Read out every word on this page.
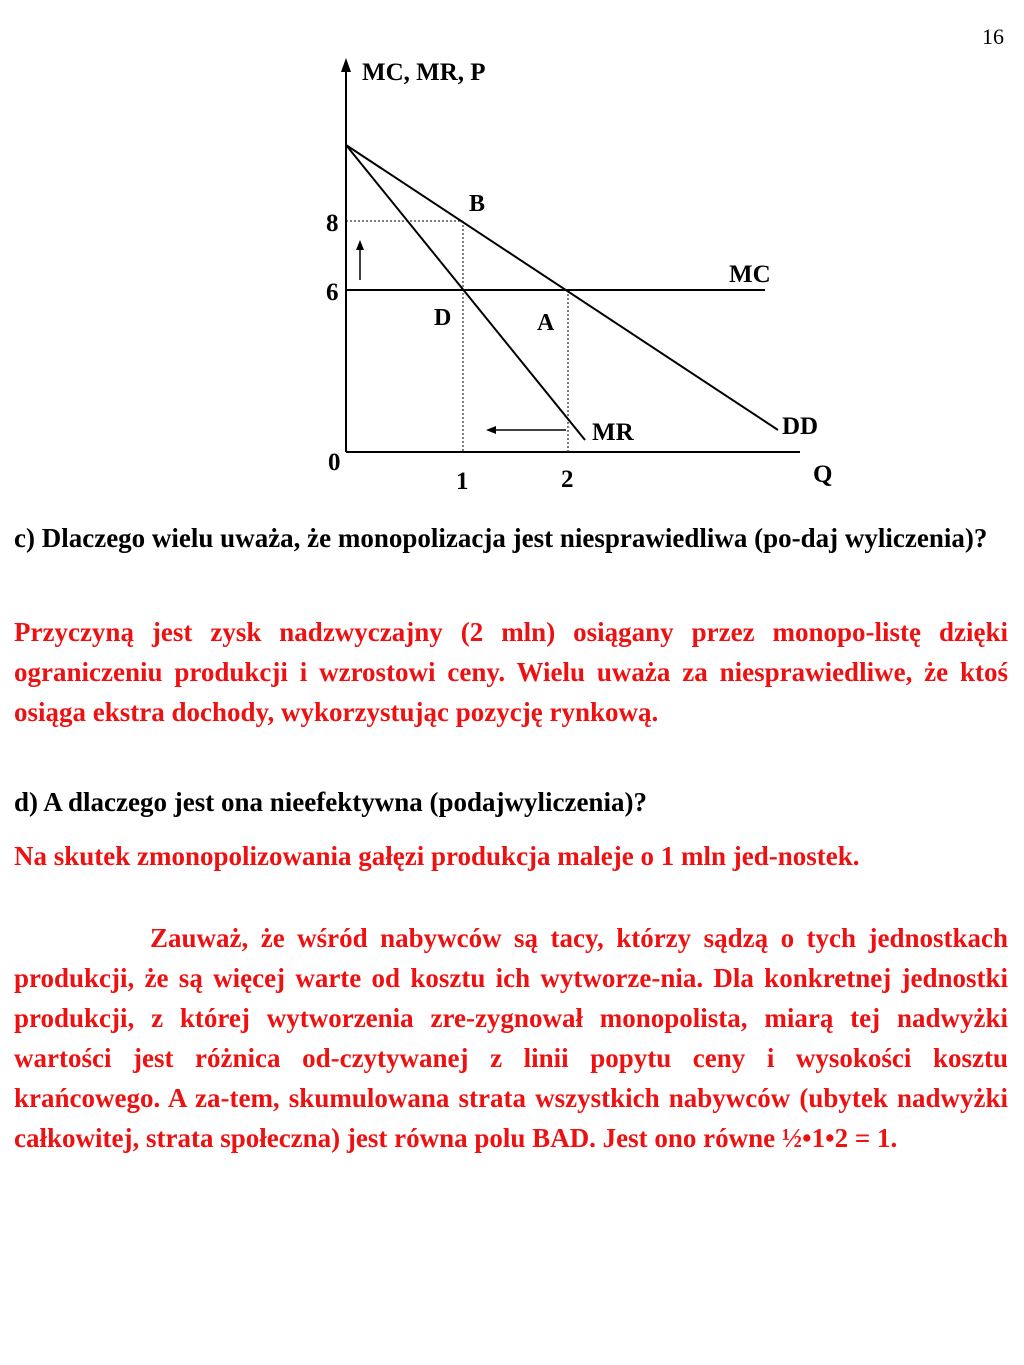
16
MC, MR, P
Q
0
8
6
1	2
B
D	A
MC
MR	DD

c) Dlaczego wielu uważa, że monopolizacja jest niesprawiedliwa (po-daj wyliczenia)?

Przyczyną jest zysk nadzwyczajny (2 mln) osiągany przez monopo-listę dzięki ograniczeniu produkcji i wzrostowi ceny. Wielu uważa za niesprawiedliwe, że ktoś osiąga ekstra dochody, wykorzystując pozycję rynkową.

d) A dlaczego jest ona nieefektywna (podajwyliczenia)?

Na skutek zmonopolizowania gałęzi produkcja maleje o 1 mln jed-nostek.

Zauważ, że wśród nabywców są tacy, którzy sądzą o tych jednostkach produkcji, że są więcej warte od kosztu ich wytworze-nia. Dla konkretnej jednostki produkcji, z której wytworzenia zre-zygnował monopolista, miarą tej nadwyżki wartości jest różnica od-czytywanej z linii popytu ceny i wysokości kosztu krańcowego. A za-tem, skumulowana strata wszystkich nabywców (ubytek nadwyżki całkowitej, strata społeczna) jest równa polu BAD. Jest ono równe ½•1•2 = 1.
